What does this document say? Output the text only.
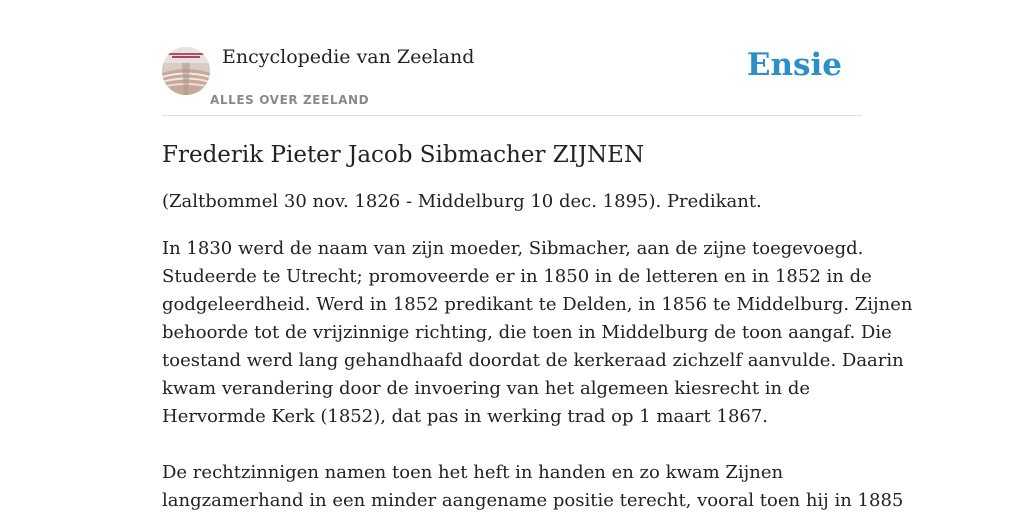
Encyclopedie van Zeeland
ALLES OVER ZEELAND
Ensie
Frederik Pieter Jacob Sibmacher ZIJNEN

(Zaltbommel 30 nov. 1826 - Middelburg 10 dec. 1895). Predikant.

In 1830 werd de naam van zijn moeder, Sibmacher, aan de zijne toegevoegd.
Studeerde te Utrecht; promoveerde er in 1850 in de letteren en in 1852 in de
godgeleerdheid. Werd in 1852 predikant te Delden, in 1856 te Middelburg. Zijnen
behoorde tot de vrijzinnige richting, die toen in Middelburg de toon aangaf. Die
toestand werd lang gehandhaafd doordat de kerkeraad zichzelf aanvulde. Daarin
kwam verandering door de invoering van het algemeen kiesrecht in de
Hervormde Kerk (1852), dat pas in werking trad op 1 maart 1867.

De rechtzinnigen namen toen het heft in handen en zo kwam Zijnen
langzamerhand in een minder aangename positie terecht, vooral toen hij in 1885
